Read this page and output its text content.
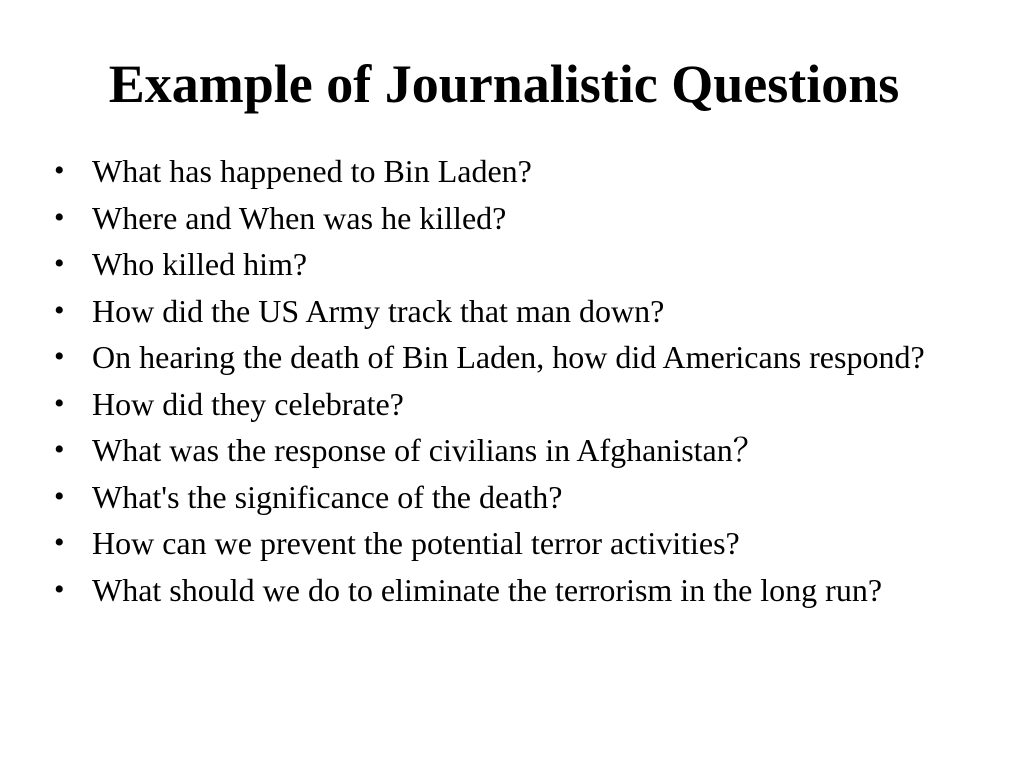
Example of Journalistic Questions
• What has happened to Bin Laden?
• Where and When was he killed?
• Who killed him?
• How did the US Army track that man down?
• On hearing the death of Bin Laden, how did Americans respond?
• How did they celebrate?
• What was the response of civilians in Afghanistan？
• What's the significance of the death?
• How can we prevent the potential terror activities?
• What should we do to eliminate the terrorism in the long run?
